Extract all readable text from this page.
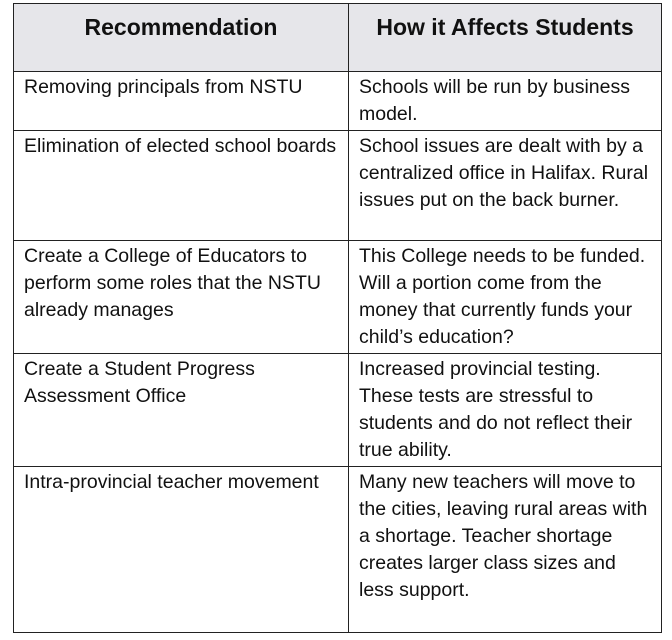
Recommendation	How it Affects Students
Removing principals from NSTU	Schools will be run by business model.
Elimination of elected school boards	School issues are dealt with by a centralized office in Halifax. Rural issues put on the back burner.
Create a College of Educators to perform some roles that the NSTU already manages	This College needs to be funded. Will a portion come from the money that currently funds your child’s education?
Create a Student Progress Assessment Office	Increased provincial testing. These tests are stressful to students and do not reflect their true ability.
Intra-provincial teacher movement	Many new teachers will move to the cities, leaving rural areas with a shortage. Teacher shortage creates larger class sizes and less support.
